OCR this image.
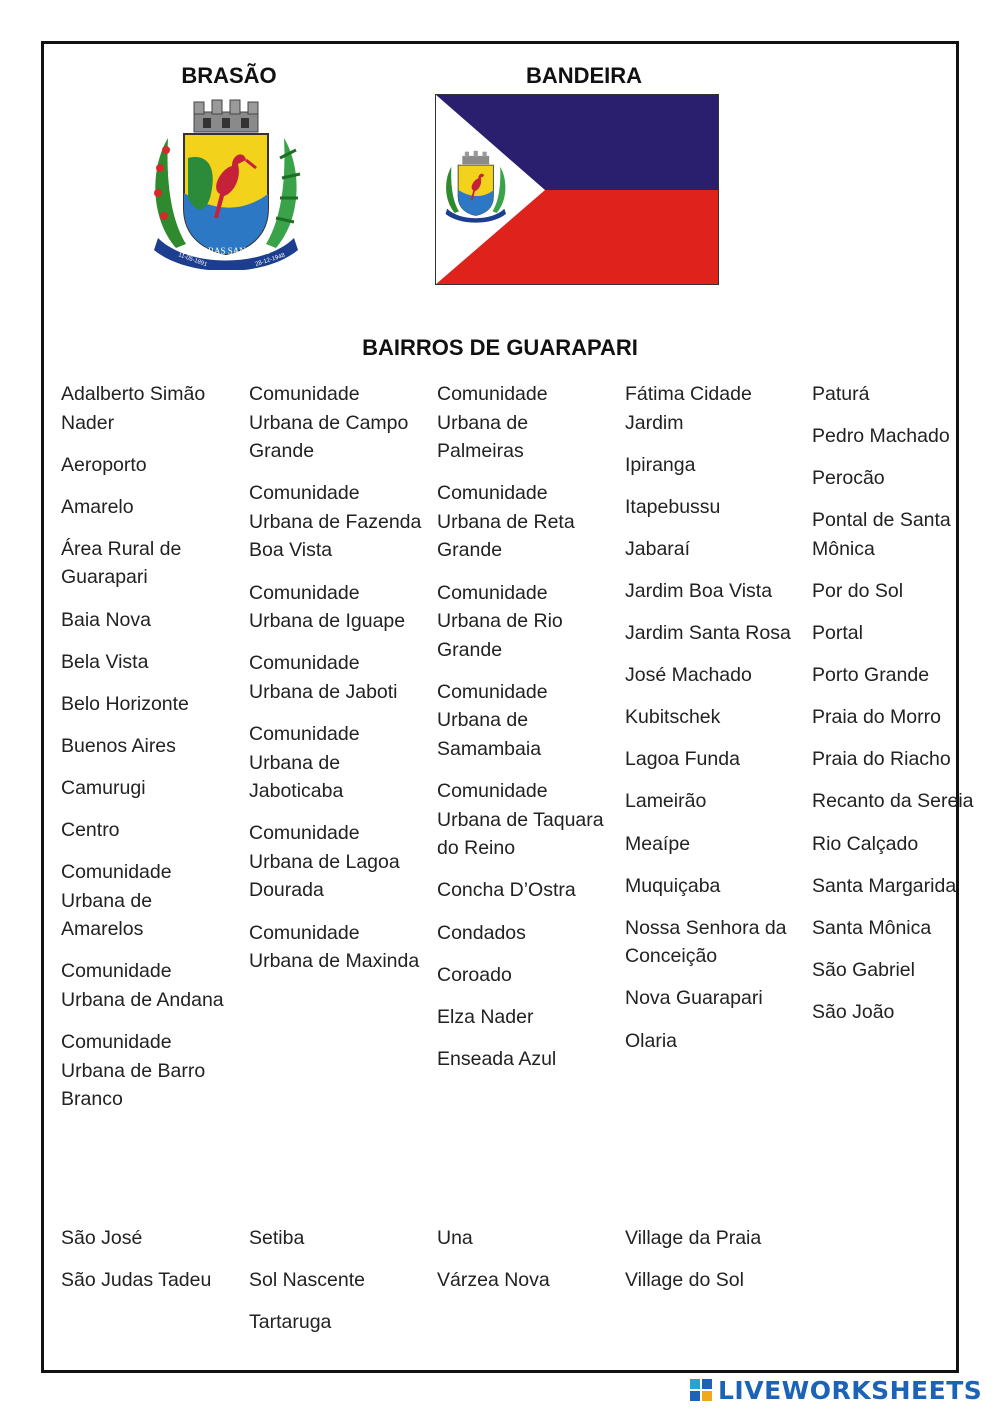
BRASÃO	BANDEIRA
PER ORAS SANATUR
11-05-1891	28-12-1948
BAIRROS DE GUARAPARI
Adalberto Simão Nader
Aeroporto
Amarelo
Área Rural de Guarapari
Baia Nova
Bela Vista
Belo Horizonte
Buenos Aires
Camurugi
Centro
Comunidade Urbana de Amarelos
Comunidade Urbana de Andana
Comunidade Urbana de Barro Branco
Comunidade Urbana de Campo Grande
Comunidade Urbana de Fazenda Boa Vista
Comunidade Urbana de Iguape
Comunidade Urbana de Jaboti
Comunidade Urbana de Jaboticaba
Comunidade Urbana de Lagoa Dourada
Comunidade Urbana de Maxinda
Comunidade Urbana de Palmeiras
Comunidade Urbana de Reta Grande
Comunidade Urbana de Rio Grande
Comunidade Urbana de Samambaia
Comunidade Urbana de Taquara do Reino
Concha D’Ostra
Condados
Coroado
Elza Nader
Enseada Azul
Fátima Cidade Jardim
Ipiranga
Itapebussu
Jabaraí
Jardim Boa Vista
Jardim Santa Rosa
José Machado
Kubitschek
Lagoa Funda
Lameirão
Meaípe
Muquiçaba
Nossa Senhora da Conceição
Nova Guarapari
Olaria
Paturá
Pedro Machado
Perocão
Pontal de Santa Mônica
Por do Sol
Portal
Porto Grande
Praia do Morro
Praia do Riacho
Recanto da Sereia
Rio Calçado
Santa Margarida
Santa Mônica
São Gabriel
São João
São José
São Judas Tadeu
Setiba
Sol Nascente
Tartaruga
Una
Várzea Nova
Village da Praia
Village do Sol
LIVEWORKSHEETS
